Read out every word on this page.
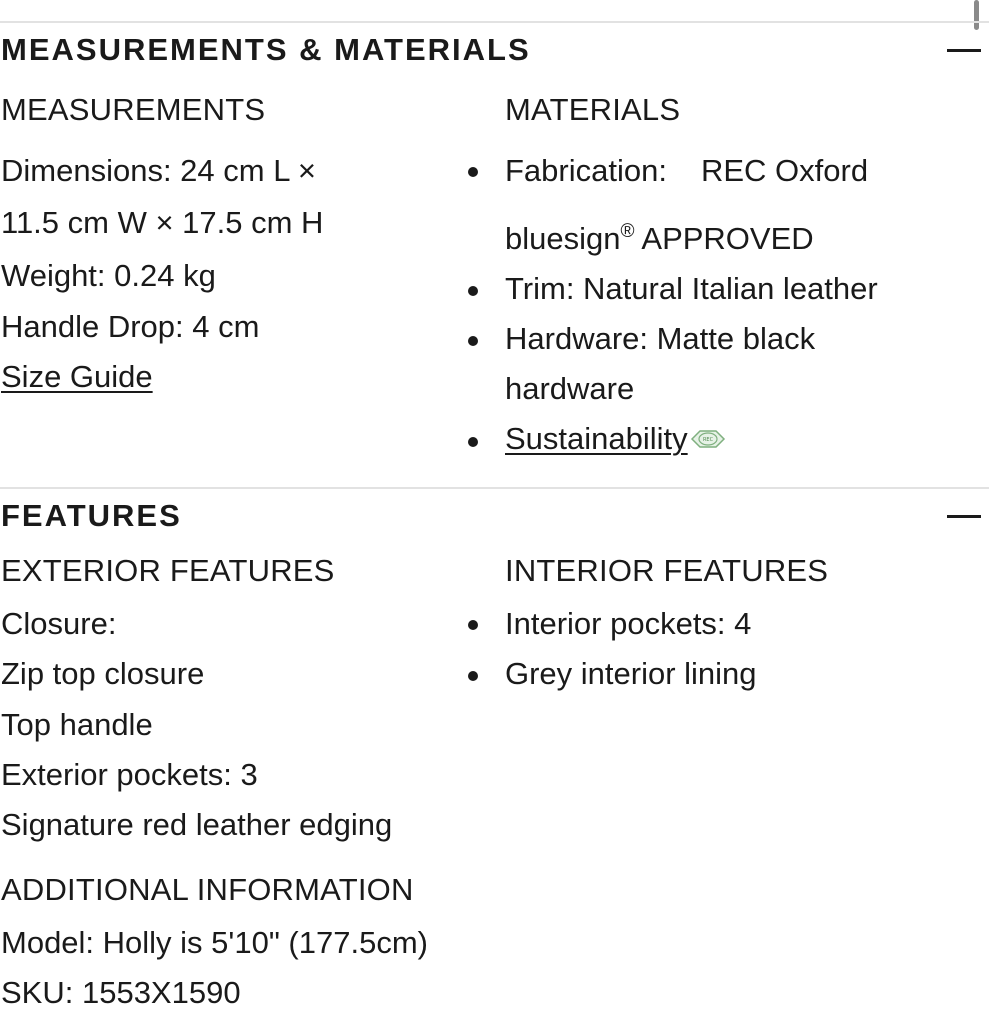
MEASUREMENTS & MATERIALS
MEASUREMENTS	MATERIALS
Dimensions: 24 cm L ×
11.5 cm W × 17.5 cm H
Weight: 0.24 kg
Handle Drop: 4 cm
Size Guide
Fabrication: REC Oxford
bluesign® APPROVED
Trim: Natural Italian leather
Hardware: Matte black
hardware
Sustainability	REC
FEATURES
EXTERIOR FEATURES	INTERIOR FEATURES
Closure:
Zip top closure
Top handle
Exterior pockets: 3
Signature red leather edging
Interior pockets: 4
Grey interior lining
ADDITIONAL INFORMATION
Model: Holly is 5'10" (177.5cm)
SKU: 1553X1590
